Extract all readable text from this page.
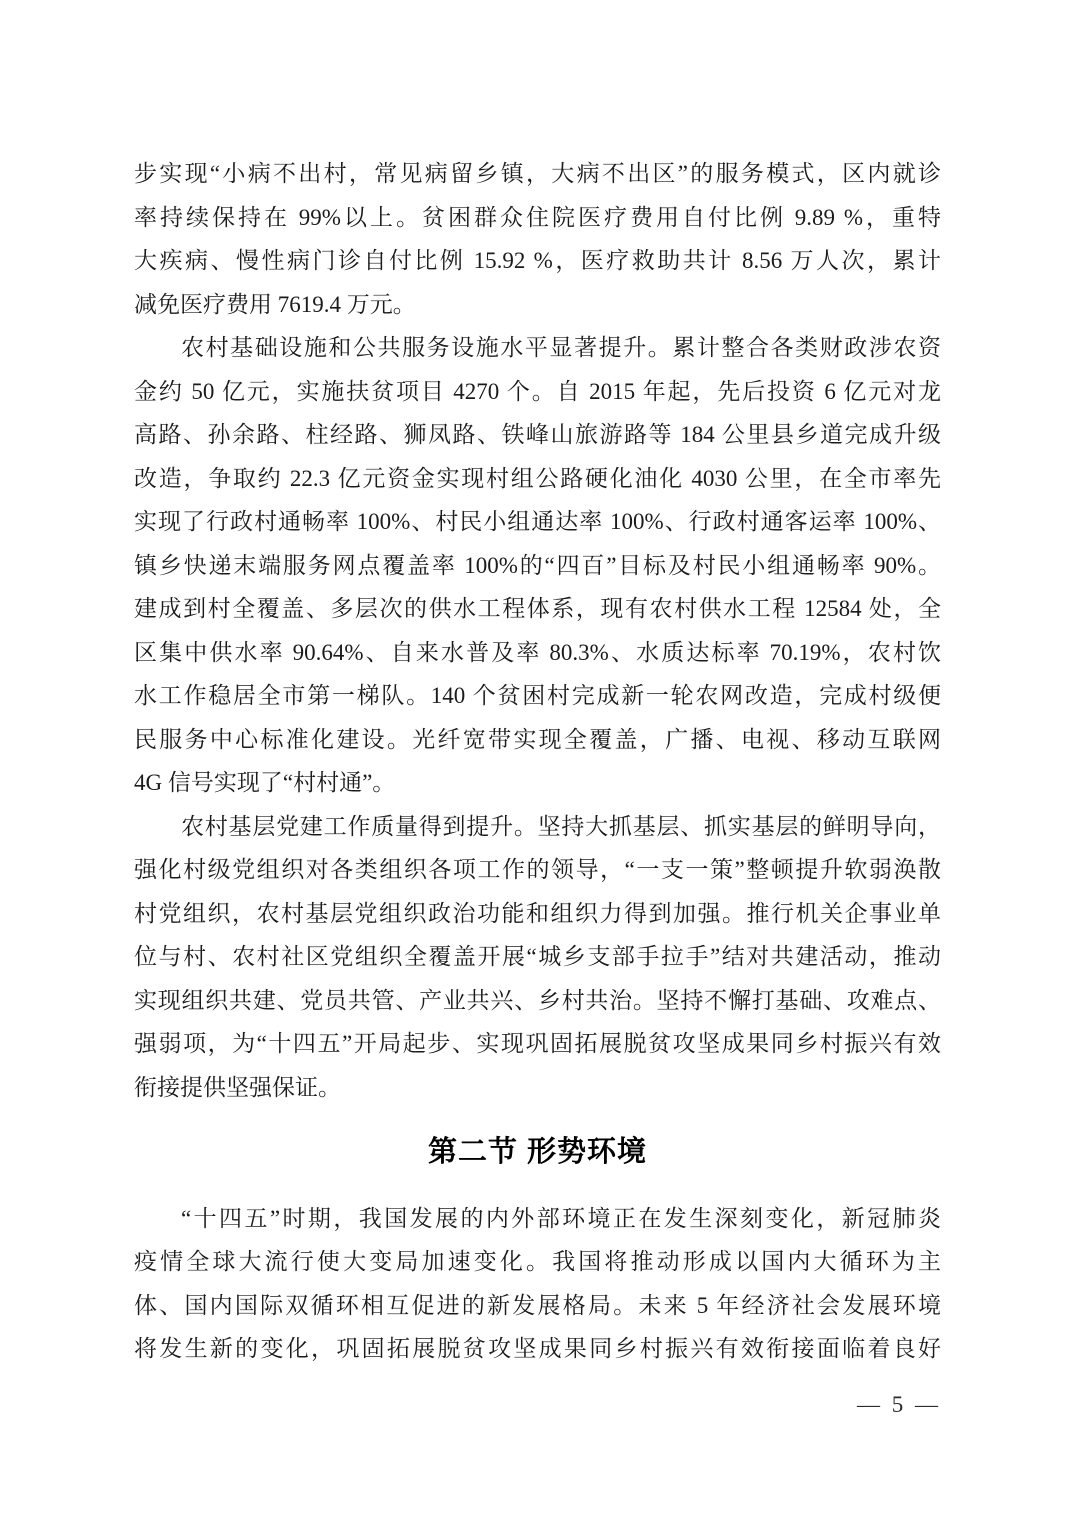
步实现“小病不出村，常见病留乡镇，大病不出区”的服务模式，区内就诊
率持续保持在 99%以上。贫困群众住院医疗费用自付比例 9.89 %，重特
大疾病、慢性病门诊自付比例 15.92 %，医疗救助共计 8.56 万人次，累计
减免医疗费用 7619.4 万元。
农村基础设施和公共服务设施水平显著提升。累计整合各类财政涉农资
金约 50 亿元，实施扶贫项目 4270 个。自 2015 年起，先后投资 6 亿元对龙
高路、孙余路、柱经路、狮凤路、铁峰山旅游路等 184 公里县乡道完成升级
改造，争取约 22.3 亿元资金实现村组公路硬化油化 4030 公里，在全市率先
实现了行政村通畅率 100%、村民小组通达率 100%、行政村通客运率 100%、
镇乡快递末端服务网点覆盖率 100%的“四百”目标及村民小组通畅率 90%。
建成到村全覆盖、多层次的供水工程体系，现有农村供水工程 12584 处，全
区集中供水率 90.64%、自来水普及率 80.3%、水质达标率 70.19%，农村饮
水工作稳居全市第一梯队。140 个贫困村完成新一轮农网改造，完成村级便
民服务中心标准化建设。光纤宽带实现全覆盖，广播、电视、移动互联网
4G 信号实现了“村村通”。
农村基层党建工作质量得到提升。坚持大抓基层、抓实基层的鲜明导向，
强化村级党组织对各类组织各项工作的领导，“一支一策”整顿提升软弱涣散
村党组织，农村基层党组织政治功能和组织力得到加强。推行机关企事业单
位与村、农村社区党组织全覆盖开展“城乡支部手拉手”结对共建活动，推动
实现组织共建、党员共管、产业共兴、乡村共治。坚持不懈打基础、攻难点、
强弱项，为“十四五”开局起步、实现巩固拓展脱贫攻坚成果同乡村振兴有效
衔接提供坚强保证。
第二节 形势环境
“十四五”时期，我国发展的内外部环境正在发生深刻变化，新冠肺炎
疫情全球大流行使大变局加速变化。我国将推动形成以国内大循环为主
体、国内国际双循环相互促进的新发展格局。未来 5 年经济社会发展环境
将发生新的变化，巩固拓展脱贫攻坚成果同乡村振兴有效衔接面临着良好
— 5 —
